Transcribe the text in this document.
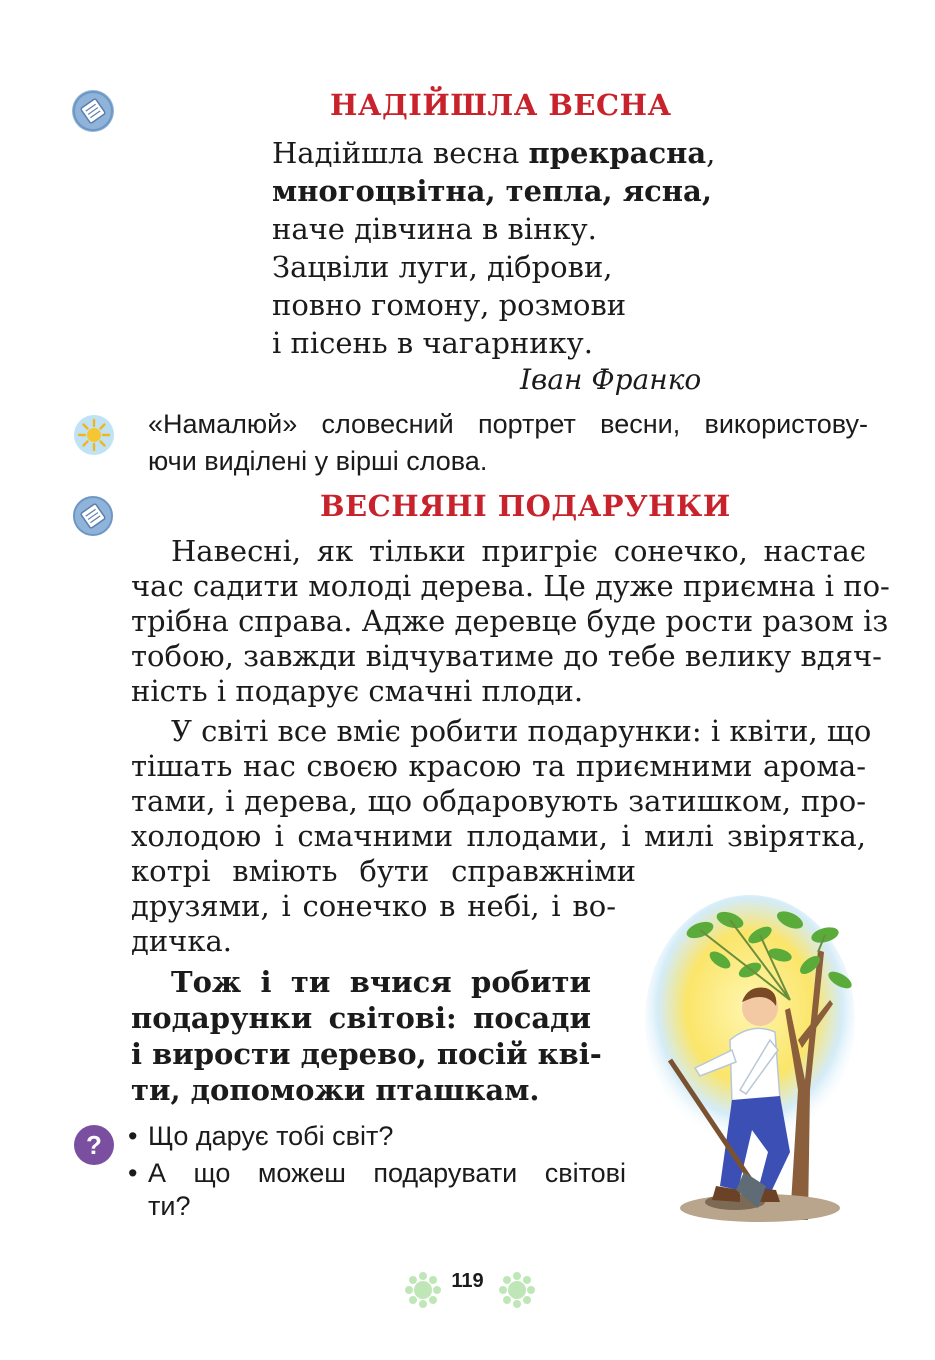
НАДІЙШЛА ВЕСНА
Надійшла весна прекрасна,
многоцвітна, тепла, ясна,
наче дівчина в вінку.
Зацвіли луги, діброви,
повно гомону, розмови
і пісень в чагарнику.
Іван Франко
«Намалюй» словесний портрет весни, використову-
ючи виділені у вірші слова.
ВЕСНЯНІ ПОДАРУНКИ
Навесні, як тільки пригріє сонечко, настає
час садити молоді дерева. Це дуже приємна і по-
трібна справа. Адже деревце буде рости разом із
тобою, завжди відчуватиме до тебе велику вдяч-
ність і подарує смачні плоди.
У світі все вміє робити подарунки: і квіти, що
тішать нас своєю красою та приємними арома-
тами, і дерева, що обдаровують затишком, про-
холодою і смачними плодами, і милі звірятка,
котрі вміють бути справжніми
друзями, і сонечко в небі, і во-
дичка.
Тож і ти вчися робити
подарунки світові: посади
і вирости дерево, посій кві-
ти, допоможи пташкам.
? • Що дарує тобі світ?
• А що можеш подарувати світові
ти?
119
